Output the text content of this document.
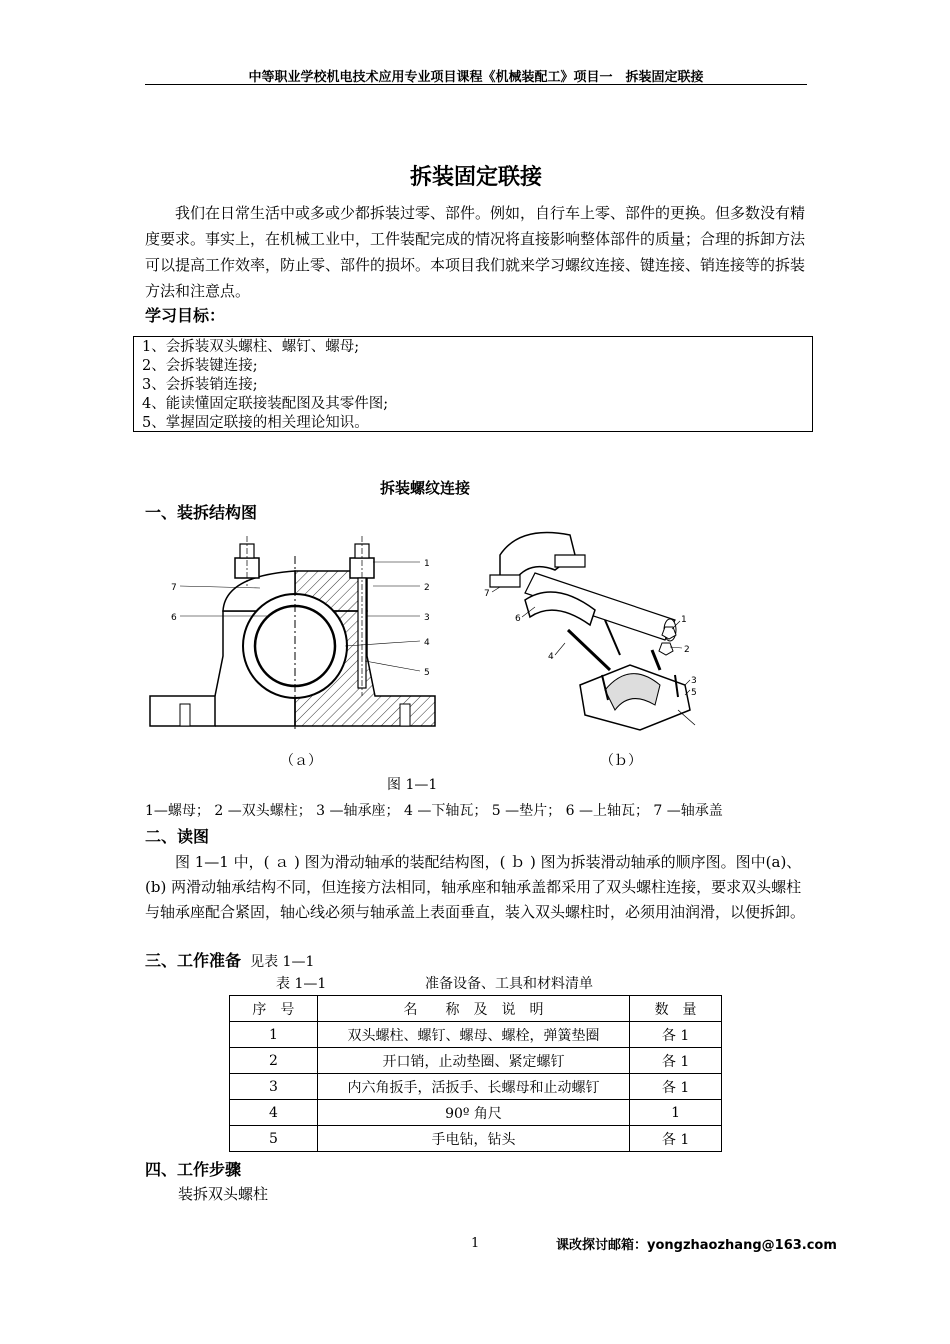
中等职业学校机电技术应用专业项目课程《机械装配工》项目一　拆装固定联接
拆装固定联接

我们在日常生活中或多或少都拆装过零、部件。例如，自行车上零、部件的更换。但多数没有精度要求。事实上，在机械工业中，工件装配完成的情况将直接影响整体部件的质量；合理的拆卸方法可以提高工作效率，防止零、部件的损坏。本项目我们就来学习螺纹连接、键连接、销连接等的拆装方法和注意点。

学习目标：
1、会拆装双头螺柱、螺钉、螺母;
2、会拆装键连接;
3、会拆装销连接;
4、能读懂固定联接装配图及其零件图;
5、掌握固定联接的相关理论知识。
拆装螺纹连接
一、装拆结构图
1
2
3
4
5
6
7
1
2
3
4
5
6
7
（ａ）	（ｂ）
图 1—1
1—螺母； 2 —双头螺柱； 3 —轴承座； 4 —下轴瓦； 5 —垫片； 6 —上轴瓦； 7 —轴承盖
二、读图

图 1—1 中，( ａ ) 图为滑动轴承的装配结构图，( ｂ ) 图为拆装滑动轴承的顺序图。图中(a)、(b) 两滑动轴承结构不同，但连接方法相同，轴承座和轴承盖都采用了双头螺柱连接，要求双头螺柱与轴承座配合紧固，轴心线必须与轴承盖上表面垂直，装入双头螺柱时，必须用油润滑，以便拆卸。

三、工作准备 见表 1—1
表 1—1	准备设备、工具和材料清单
序　号	名　　称　及　说　明	数　量
1	双头螺柱、螺钉、螺母、螺栓，弹簧垫圈	各 1
2	开口销，止动垫圈、紧定螺钉	各 1
3	内六角扳手，活扳手、长螺母和止动螺钉	各 1
4	90º 角尺	1
5	手电钻，钻头	各 1
四、工作步骤
装拆双头螺柱
1	课改探讨邮箱：yongzhaozhang@163.com
